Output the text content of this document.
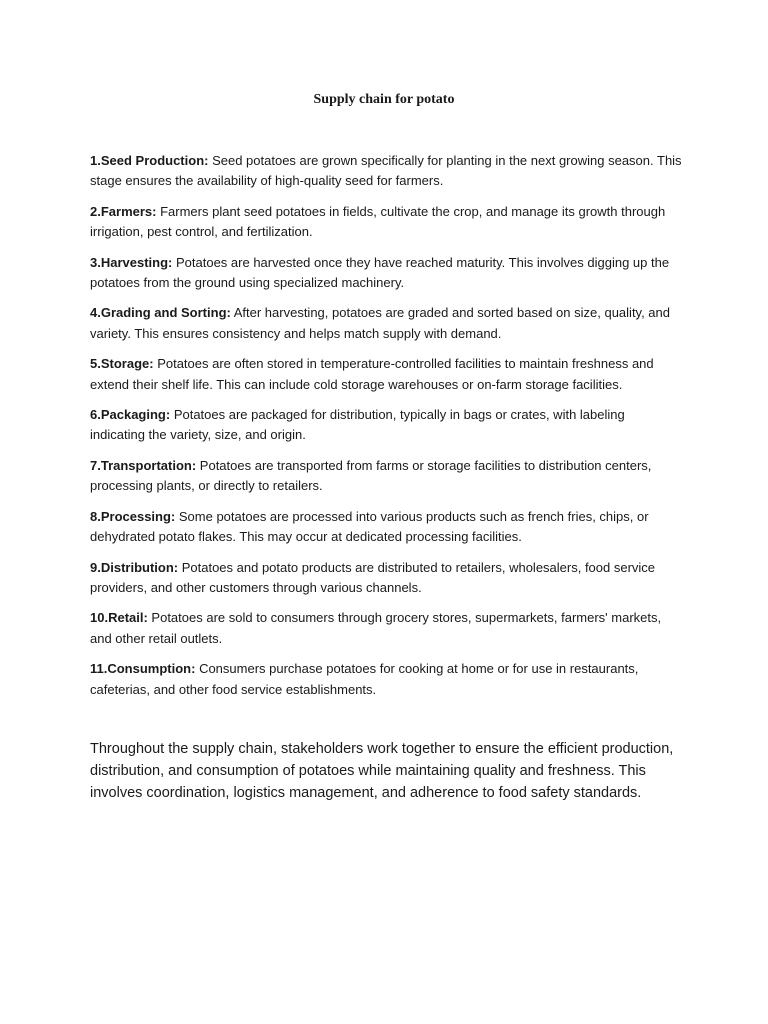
Supply chain for potato
1.Seed Production: Seed potatoes are grown specifically for planting in the next growing season. This stage ensures the availability of high-quality seed for farmers.
2.Farmers: Farmers plant seed potatoes in fields, cultivate the crop, and manage its growth through irrigation, pest control, and fertilization.
3.Harvesting: Potatoes are harvested once they have reached maturity. This involves digging up the potatoes from the ground using specialized machinery.
4.Grading and Sorting: After harvesting, potatoes are graded and sorted based on size, quality, and variety. This ensures consistency and helps match supply with demand.
5.Storage: Potatoes are often stored in temperature-controlled facilities to maintain freshness and extend their shelf life. This can include cold storage warehouses or on-farm storage facilities.
6.Packaging: Potatoes are packaged for distribution, typically in bags or crates, with labeling indicating the variety, size, and origin.
7.Transportation: Potatoes are transported from farms or storage facilities to distribution centers, processing plants, or directly to retailers.
8.Processing: Some potatoes are processed into various products such as french fries, chips, or dehydrated potato flakes. This may occur at dedicated processing facilities.
9.Distribution: Potatoes and potato products are distributed to retailers, wholesalers, food service providers, and other customers through various channels.
10.Retail: Potatoes are sold to consumers through grocery stores, supermarkets, farmers' markets, and other retail outlets.
11.Consumption: Consumers purchase potatoes for cooking at home or for use in restaurants, cafeterias, and other food service establishments.

Throughout the supply chain, stakeholders work together to ensure the efficient production, distribution, and consumption of potatoes while maintaining quality and freshness. This involves coordination, logistics management, and adherence to food safety standards.
